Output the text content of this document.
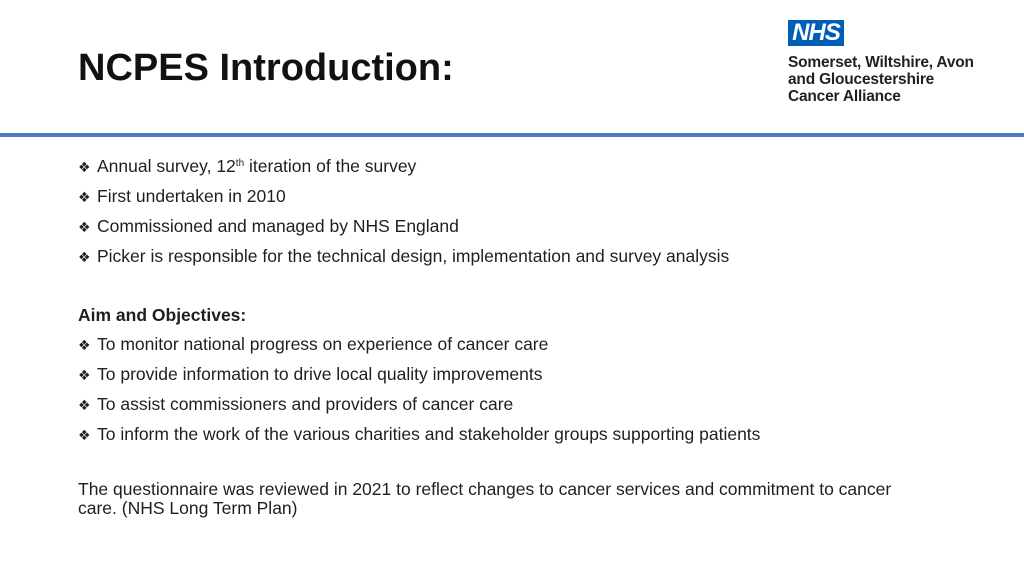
NCPES Introduction:
NHS
Somerset, Wiltshire, Avon
and Gloucestershire
Cancer Alliance
❖ Annual survey, 12th iteration of the survey
❖ First undertaken in 2010
❖ Commissioned and managed by NHS England
❖ Picker is responsible for the technical design, implementation and survey analysis
Aim and Objectives:
❖ To monitor national progress on experience of cancer care
❖ To provide information to drive local quality improvements
❖ To assist commissioners and providers of cancer care
❖ To inform the work of the various charities and stakeholder groups supporting patients
The questionnaire was reviewed in 2021 to reflect changes to cancer services and commitment to cancer care. (NHS Long Term Plan)
